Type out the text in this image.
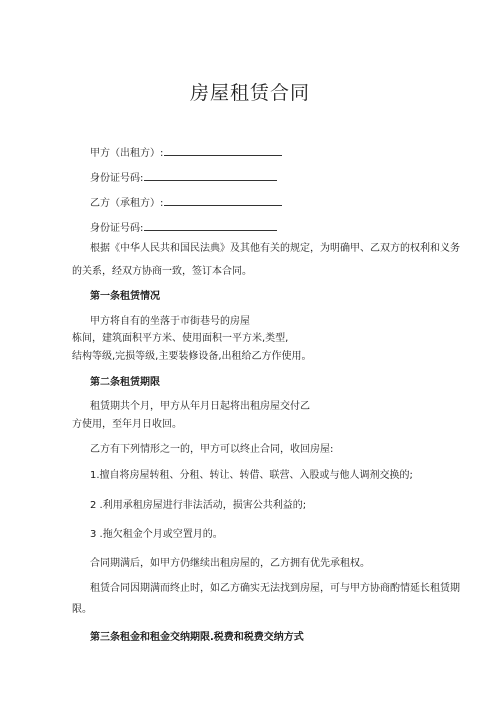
房屋租赁合同
甲方（出租方）:
身份证号码:
乙方（承租方）:
身份证号码:
根据《中华人民共和国民法典》及其他有关的规定，为明确甲、乙双方的权利和义务
的关系，经双方协商一致，签订本合同。
第一条租赁情况
甲方将自有的坐落于市街巷号的房屋
栋间，建筑面积平方米、使用面积一平方米,类型,
结构等级,完损等级,主要装修设备,出租给乙方作使用。
第二条租赁期限
租赁期共个月，甲方从年月日起将出租房屋交付乙
方使用，至年月日收回。
乙方有下列情形之一的，甲方可以终止合同，收回房屋:
1.擅自将房屋转租、分租、转让、转借、联营、入股或与他人调剂交换的;
2 .利用承租房屋进行非法活动，损害公共利益的;
3 .拖欠租金个月或空置月的。
合同期满后，如甲方仍继续出租房屋的，乙方拥有优先承租权。
租赁合同因期满而终止时，如乙方确实无法找到房屋，可与甲方协商酌情延长租赁期
限。
第三条租金和租金交纳期限.税费和税费交纳方式
